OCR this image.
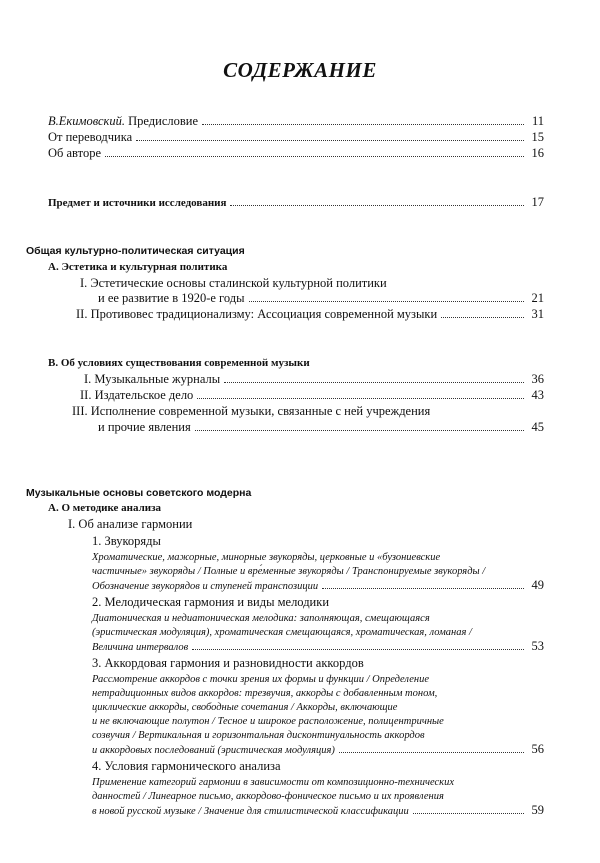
СОДЕРЖАНИЕ
В.Екимовский. Предисловие	11
От переводчика	15
Об авторе	16
Предмет и источники исследования	17
Общая культурно-политическая ситуация
А. Эстетика и культурная политика
I. Эстетические основы сталинской культурной политики
и ее развитие в 1920-е годы	21
II. Противовес традиционализму: Ассоциация современной музыки	31
В. Об условиях существования современной музыки
I. Музыкальные журналы	36
II. Издательское дело	43
III. Исполнение современной музыки, связанные с ней учреждения
и прочие явления	45
Музыкальные основы советского модерна
А. О методике анализа
I. Об анализе гармонии
1. Звукоряды
Хроматические, мажорные, минорные звукоряды, церковные и «бузониевские
частичные» звукоряды / Полные и вре́менные звукоряды / Транспонируемые звукоряды /
Обозначение звукорядов и ступеней транспозиции	49
2. Мелодическая гармония и виды мелодики
Диатоническая и недиатоническая мелодика: заполняющая, смещающаяся
(эристическая модуляция), хроматическая смещающаяся, хроматическая, ломаная /
Величина интервалов	53
3. Аккордовая гармония и разновидности аккордов
Рассмотрение аккордов с точки зрения их формы и функции / Определение
нетрадиционных видов аккордов: трезвучия, аккорды с добавленным тоном,
циклические аккорды, свободные сочетания / Аккорды, включающие
и не включающие полутон / Тесное и широкое расположение, полицентричные
созвучия / Вертикальная и горизонтальная дисконтинуальность аккордов
и аккордовых последований (эристическая модуляция)	56
4. Условия гармонического анализа
Применение категорий гармонии в зависимости от композиционно-технических
данностей / Линеарное письмо, аккордово-фоническое письмо и их проявления
в новой русской музыке / Значение для стилистической классификации	59
